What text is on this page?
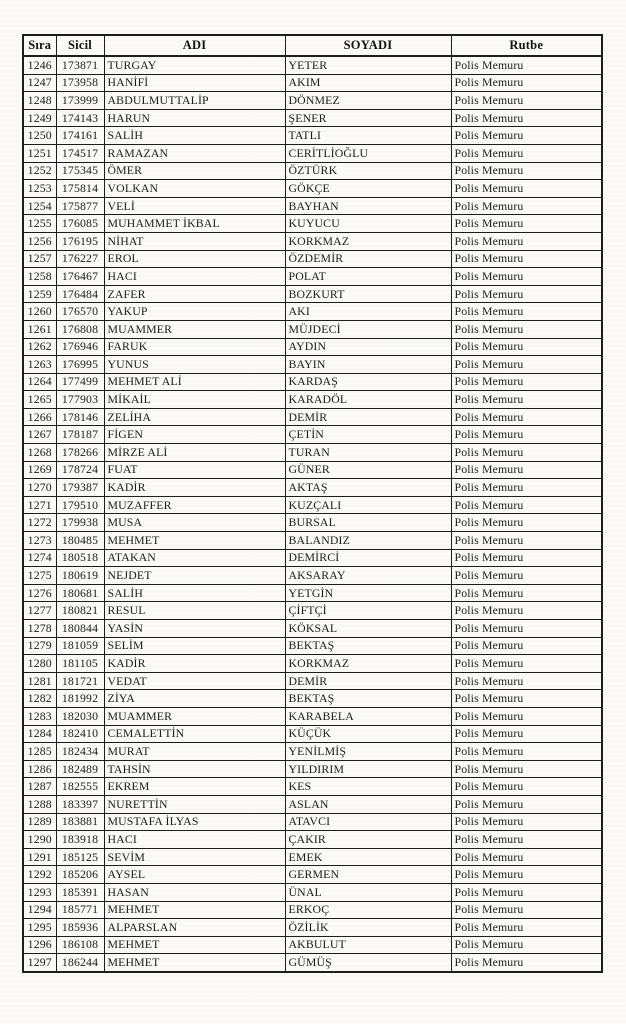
Sıra	Sicil	ADI	SOYADI	Rutbe
1246	173871	TURGAY	YETER	Polis Memuru
1247	173958	HANİFİ	AKIM	Polis Memuru
1248	173999	ABDULMUTTALİP	DÖNMEZ	Polis Memuru
1249	174143	HARUN	ŞENER	Polis Memuru
1250	174161	SALİH	TATLI	Polis Memuru
1251	174517	RAMAZAN	CERİTLİOĞLU	Polis Memuru
1252	175345	ÖMER	ÖZTÜRK	Polis Memuru
1253	175814	VOLKAN	GÖKÇE	Polis Memuru
1254	175877	VELİ	BAYHAN	Polis Memuru
1255	176085	MUHAMMET İKBAL	KUYUCU	Polis Memuru
1256	176195	NİHAT	KORKMAZ	Polis Memuru
1257	176227	EROL	ÖZDEMİR	Polis Memuru
1258	176467	HACI	POLAT	Polis Memuru
1259	176484	ZAFER	BOZKURT	Polis Memuru
1260	176570	YAKUP	AKI	Polis Memuru
1261	176808	MUAMMER	MÜJDECİ	Polis Memuru
1262	176946	FARUK	AYDIN	Polis Memuru
1263	176995	YUNUS	BAYIN	Polis Memuru
1264	177499	MEHMET ALİ	KARDAŞ	Polis Memuru
1265	177903	MİKAİL	KARADÖL	Polis Memuru
1266	178146	ZELİHA	DEMİR	Polis Memuru
1267	178187	FİGEN	ÇETİN	Polis Memuru
1268	178266	MİRZE ALİ	TURAN	Polis Memuru
1269	178724	FUAT	GÜNER	Polis Memuru
1270	179387	KADİR	AKTAŞ	Polis Memuru
1271	179510	MUZAFFER	KUZÇALI	Polis Memuru
1272	179938	MUSA	BURSAL	Polis Memuru
1273	180485	MEHMET	BALANDIZ	Polis Memuru
1274	180518	ATAKAN	DEMİRCİ	Polis Memuru
1275	180619	NEJDET	AKSARAY	Polis Memuru
1276	180681	SALİH	YETGİN	Polis Memuru
1277	180821	RESUL	ÇİFTÇİ	Polis Memuru
1278	180844	YASİN	KÖKSAL	Polis Memuru
1279	181059	SELİM	BEKTAŞ	Polis Memuru
1280	181105	KADİR	KORKMAZ	Polis Memuru
1281	181721	VEDAT	DEMİR	Polis Memuru
1282	181992	ZİYA	BEKTAŞ	Polis Memuru
1283	182030	MUAMMER	KARABELA	Polis Memuru
1284	182410	CEMALETTİN	KÜÇÜK	Polis Memuru
1285	182434	MURAT	YENİLMİŞ	Polis Memuru
1286	182489	TAHSİN	YILDIRIM	Polis Memuru
1287	182555	EKREM	KES	Polis Memuru
1288	183397	NURETTİN	ASLAN	Polis Memuru
1289	183881	MUSTAFA İLYAS	ATAVCI	Polis Memuru
1290	183918	HACI	ÇAKIR	Polis Memuru
1291	185125	SEVİM	EMEK	Polis Memuru
1292	185206	AYSEL	GERMEN	Polis Memuru
1293	185391	HASAN	ÜNAL	Polis Memuru
1294	185771	MEHMET	ERKOÇ	Polis Memuru
1295	185936	ALPARSLAN	ÖZİLİK	Polis Memuru
1296	186108	MEHMET	AKBULUT	Polis Memuru
1297	186244	MEHMET	GÜMÜŞ	Polis Memuru
